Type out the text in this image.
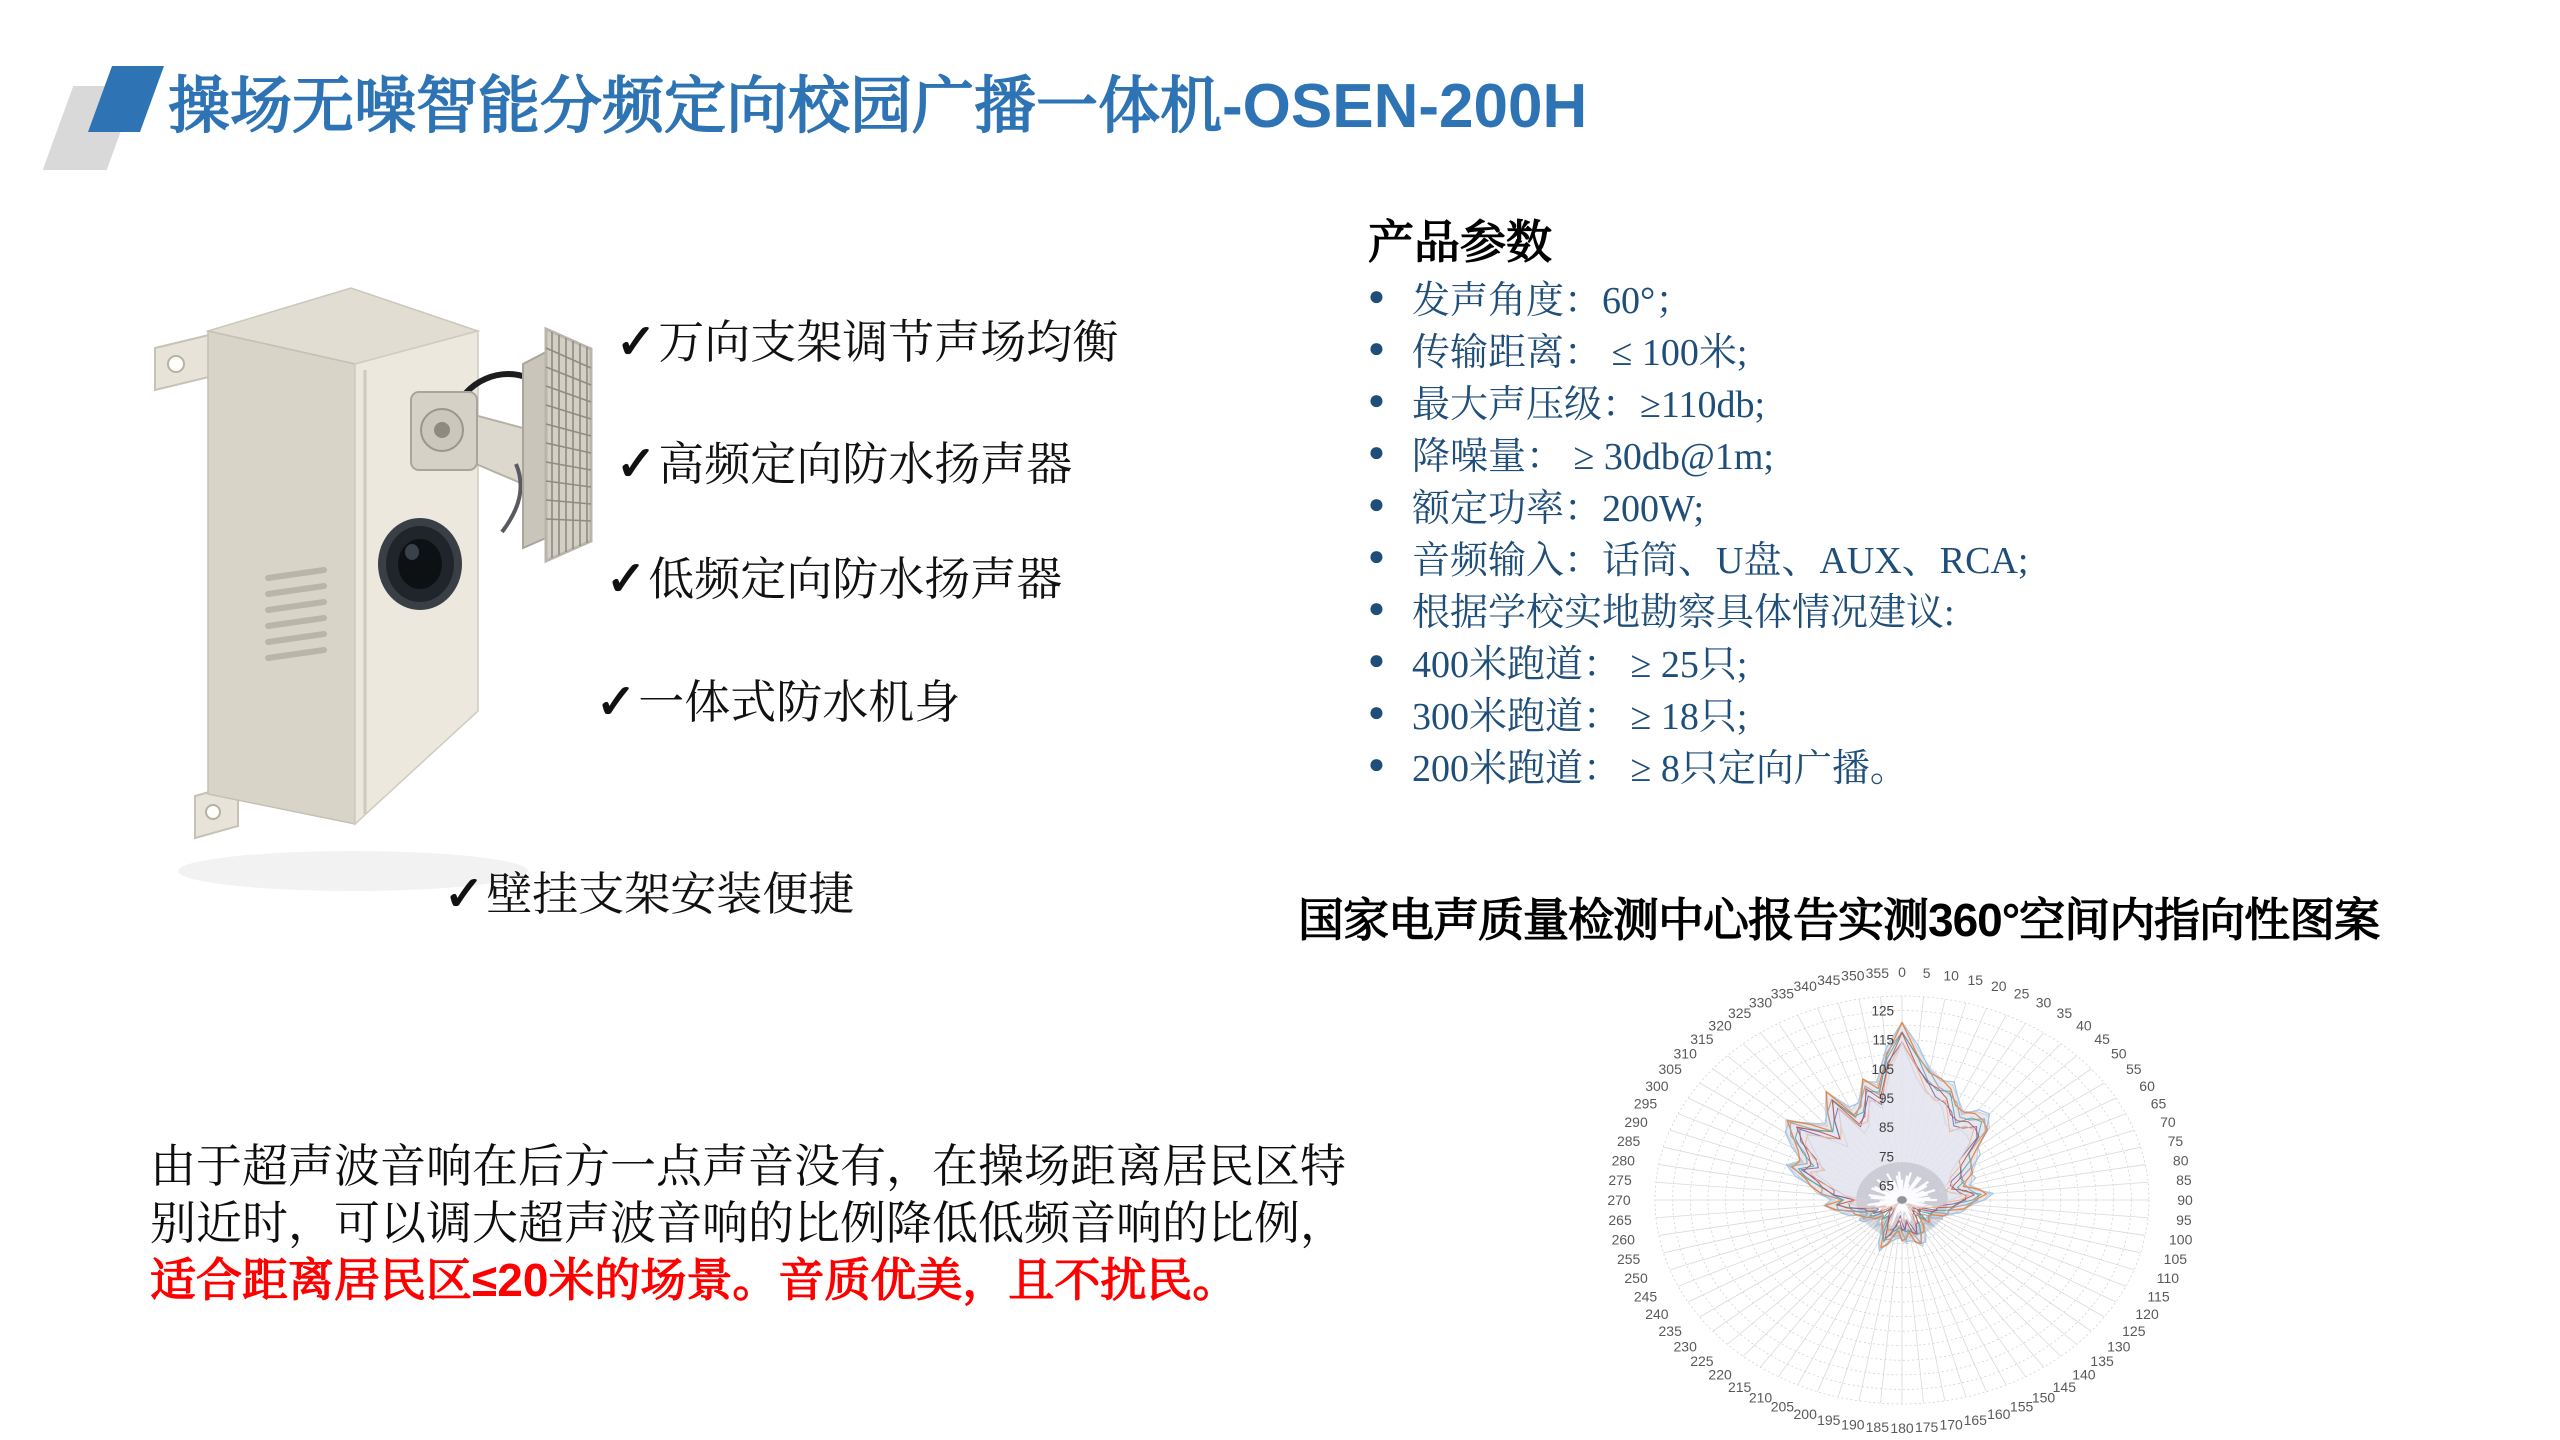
操场无噪智能分频定向校园广播一体机-OSEN-200H
✓万向支架调节声场均衡
✓高频定向防水扬声器
✓低频定向防水扬声器
✓一体式防水机身
✓壁挂支架安装便捷
产品参数
● 发声角度：60°；
● 传输距离： ≤ 100米;
● 最大声压级：≥110db;
● 降噪量： ≥ 30db@1m;
● 额定功率：200W;
● 音频输入：话筒、U盘、AUX、RCA;
● 根据学校实地勘察具体情况建议:
● 400米跑道： ≥ 25只;
● 300米跑道： ≥ 18只;
● 200米跑道： ≥ 8只定向广播。
国家电声质量检测中心报告实测360°空间内指向性图案
0 5 10 15 20 25
30
35
40
45
50
55
60
65
70
75
80
85
90
95
100
105
110
115
120
125
130
135
140
145
150
155
160
165
170
175
180
185
190
195
200
205
210
215
220
225
230
235
240
245
250
255
260
265
270
275
280
285
290
295
300
305
310
315
320
325
330
335 340 345 350 355
65
75
85
95
105
115
125
由于超声波音响在后方一点声音没有，在操场距离居民区特
别近时，可以调大超声波音响的比例降低低频音响的比例，
适合距离居民区≤20米的场景。音质优美，且不扰民。
